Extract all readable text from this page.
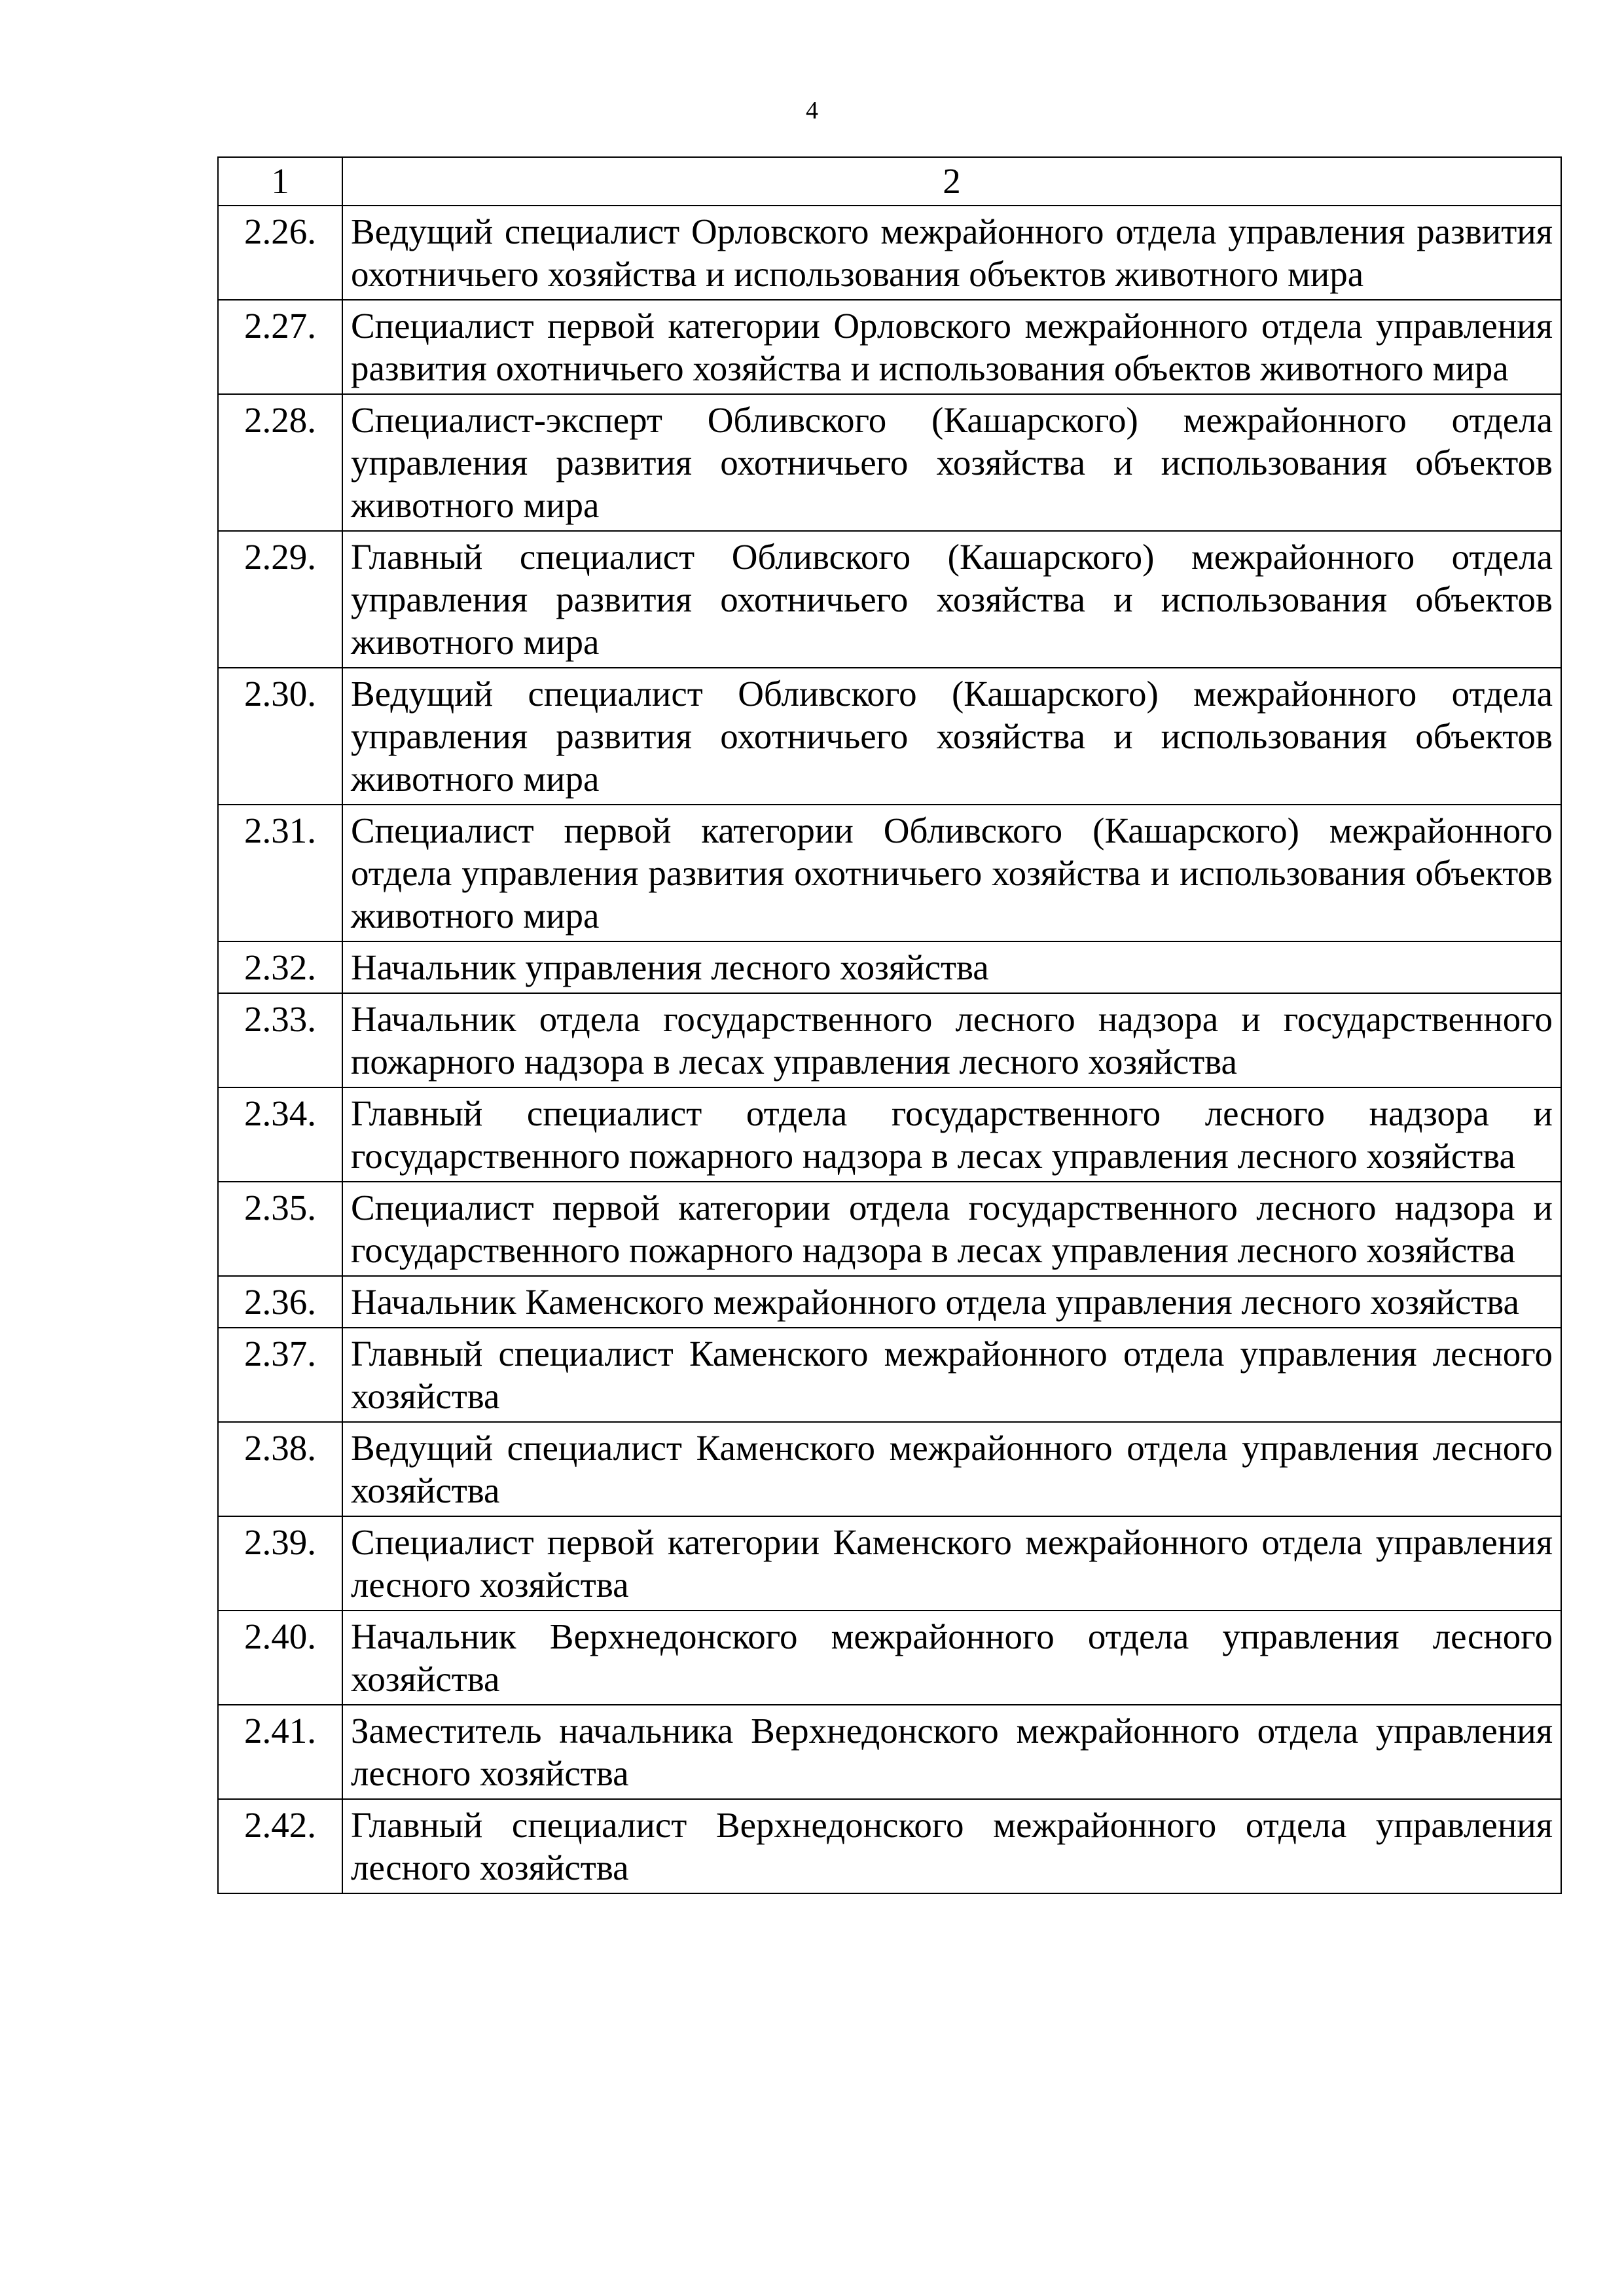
4
1	2
2.26.	Ведущий специалист Орловского межрайонного отдела управления развития охотничьего хозяйства и использования объектов животного мира
2.27.	Специалист первой категории Орловского межрайонного отдела управления развития охотничьего хозяйства и использования объектов животного мира
2.28.	Специалист-эксперт Обливского (Кашарского) межрайонного отдела управления развития охотничьего хозяйства и использования объектов животного мира
2.29.	Главный специалист Обливского (Кашарского) межрайонного отдела управления развития охотничьего хозяйства и использования объектов животного мира
2.30.	Ведущий специалист Обливского (Кашарского) межрайонного отдела управления развития охотничьего хозяйства и использования объектов животного мира
2.31.	Специалист первой категории Обливского (Кашарского) межрайонного отдела управления развития охотничьего хозяйства и использования объектов животного мира
2.32.	Начальник управления лесного хозяйства
2.33.	Начальник отдела государственного лесного надзора и государственного пожарного надзора в лесах управления лесного хозяйства
2.34.	Главный специалист отдела государственного лесного надзора и государственного пожарного надзора в лесах управления лесного хозяйства
2.35.	Специалист первой категории отдела государственного лесного надзора и государственного пожарного надзора в лесах управления лесного хозяйства
2.36.	Начальник Каменского межрайонного отдела управления лесного хозяйства
2.37.	Главный специалист Каменского межрайонного отдела управления лесного хозяйства
2.38.	Ведущий специалист Каменского межрайонного отдела управления лесного хозяйства
2.39.	Специалист первой категории Каменского межрайонного отдела управления лесного хозяйства
2.40.	Начальник Верхнедонского межрайонного отдела управления лесного хозяйства
2.41.	Заместитель начальника Верхнедонского межрайонного отдела управления лесного хозяйства
2.42.	Главный специалист Верхнедонского межрайонного отдела управления лесного хозяйства
